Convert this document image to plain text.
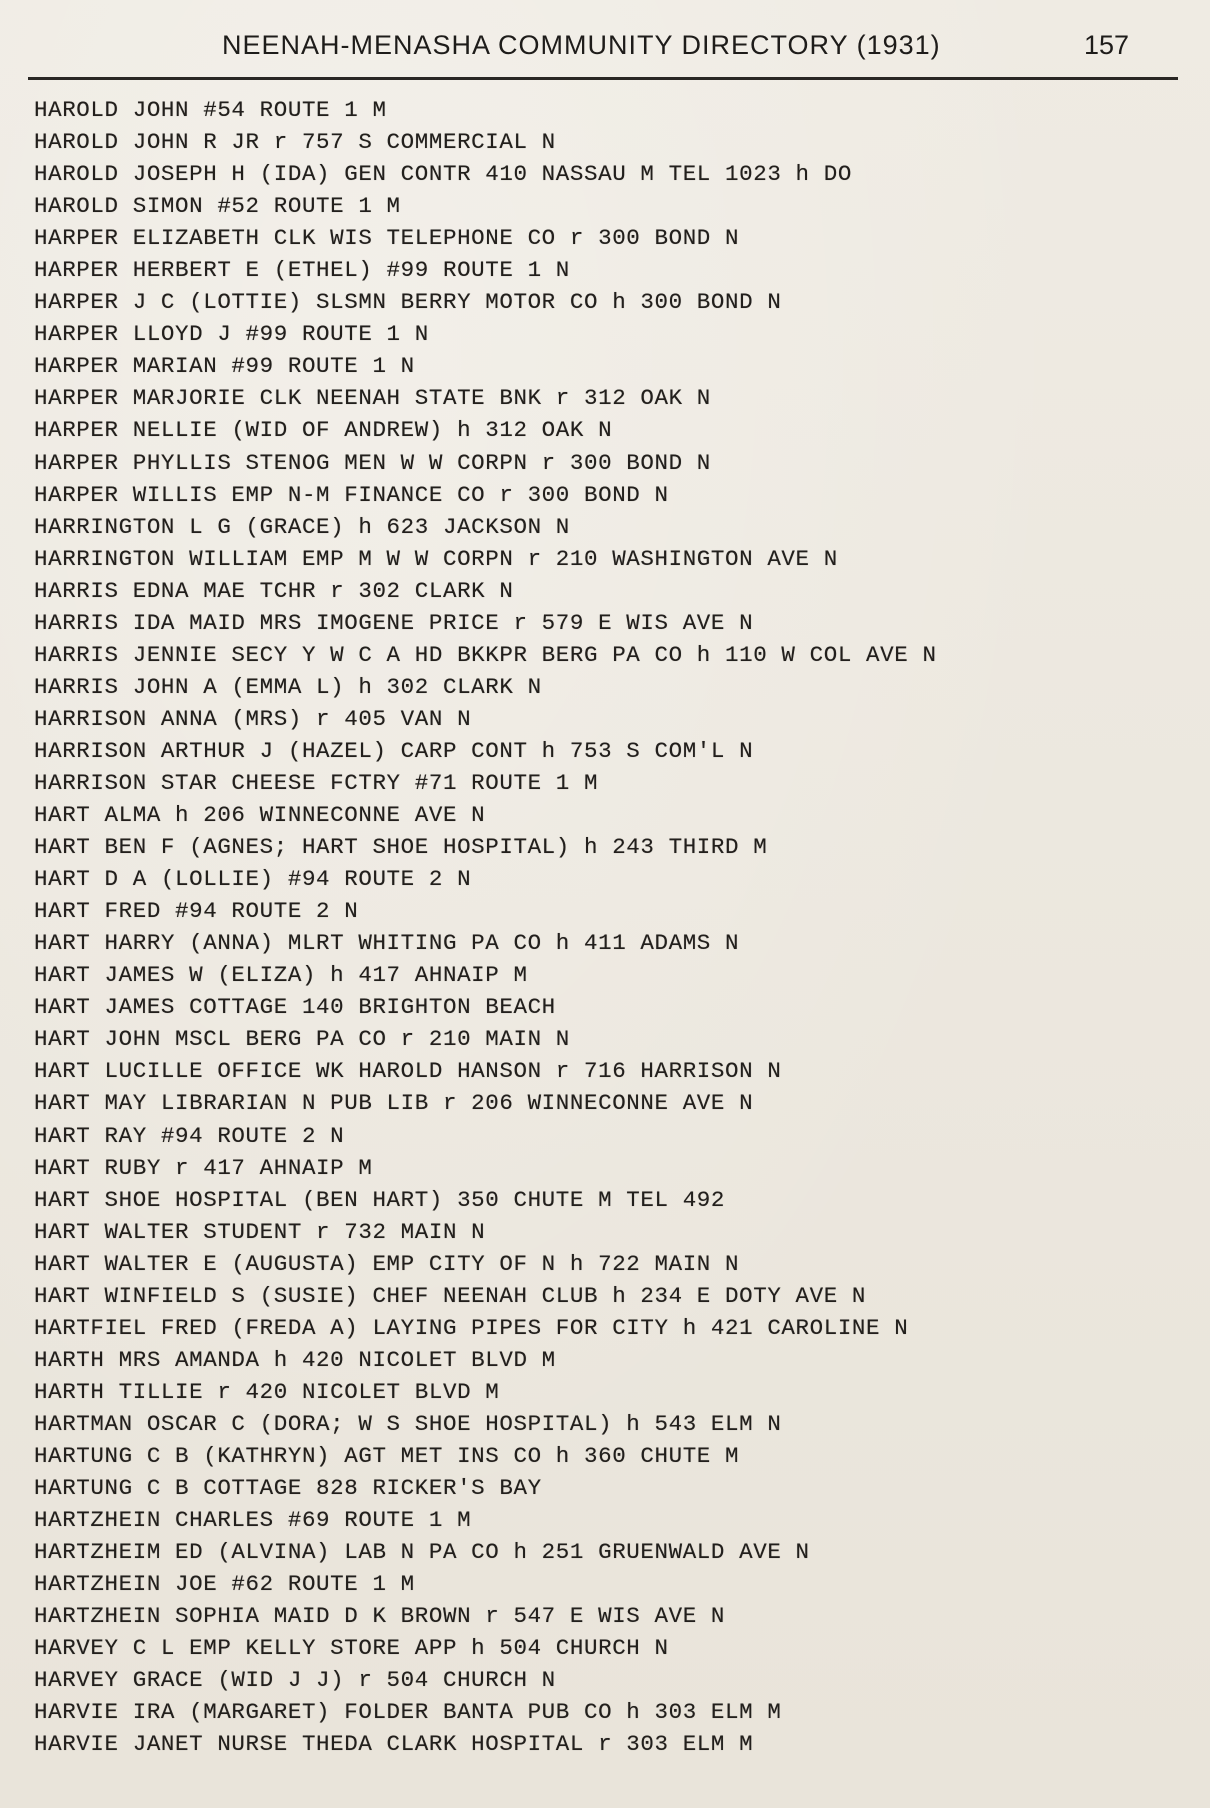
NEENAH-MENASHA COMMUNITY DIRECTORY (1931)	157
HAROLD JOHN #54 ROUTE 1 M
HAROLD JOHN R JR r 757 S COMMERCIAL N
HAROLD JOSEPH H (IDA) GEN CONTR 410 NASSAU M TEL 1023 h DO
HAROLD SIMON #52 ROUTE 1 M
HARPER ELIZABETH CLK WIS TELEPHONE CO r 300 BOND N
HARPER HERBERT E (ETHEL) #99 ROUTE 1 N
HARPER J C (LOTTIE) SLSMN BERRY MOTOR CO h 300 BOND N
HARPER LLOYD J #99 ROUTE 1 N
HARPER MARIAN #99 ROUTE 1 N
HARPER MARJORIE CLK NEENAH STATE BNK r 312 OAK N
HARPER NELLIE (WID OF ANDREW) h 312 OAK N
HARPER PHYLLIS STENOG MEN W W CORPN r 300 BOND N
HARPER WILLIS EMP N-M FINANCE CO r 300 BOND N
HARRINGTON L G (GRACE) h 623 JACKSON N
HARRINGTON WILLIAM EMP M W W CORPN r 210 WASHINGTON AVE N
HARRIS EDNA MAE TCHR r 302 CLARK N
HARRIS IDA MAID MRS IMOGENE PRICE r 579 E WIS AVE N
HARRIS JENNIE SECY Y W C A HD BKKPR BERG PA CO h 110 W COL AVE N
HARRIS JOHN A (EMMA L) h 302 CLARK N
HARRISON ANNA (MRS) r 405 VAN N
HARRISON ARTHUR J (HAZEL) CARP CONT h 753 S COM'L N
HARRISON STAR CHEESE FCTRY #71 ROUTE 1 M
HART ALMA h 206 WINNECONNE AVE N
HART BEN F (AGNES; HART SHOE HOSPITAL) h 243 THIRD M
HART D A (LOLLIE) #94 ROUTE 2 N
HART FRED #94 ROUTE 2 N
HART HARRY (ANNA) MLRT WHITING PA CO h 411 ADAMS N
HART JAMES W (ELIZA) h 417 AHNAIP M
HART JAMES COTTAGE 140 BRIGHTON BEACH
HART JOHN MSCL BERG PA CO r 210 MAIN N
HART LUCILLE OFFICE WK HAROLD HANSON r 716 HARRISON N
HART MAY LIBRARIAN N PUB LIB r 206 WINNECONNE AVE N
HART RAY #94 ROUTE 2 N
HART RUBY r 417 AHNAIP M
HART SHOE HOSPITAL (BEN HART) 350 CHUTE M TEL 492
HART WALTER STUDENT r 732 MAIN N
HART WALTER E (AUGUSTA) EMP CITY OF N h 722 MAIN N
HART WINFIELD S (SUSIE) CHEF NEENAH CLUB h 234 E DOTY AVE N
HARTFIEL FRED (FREDA A) LAYING PIPES FOR CITY h 421 CAROLINE N
HARTH MRS AMANDA h 420 NICOLET BLVD M
HARTH TILLIE r 420 NICOLET BLVD M
HARTMAN OSCAR C (DORA; W S SHOE HOSPITAL) h 543 ELM N
HARTUNG C B (KATHRYN) AGT MET INS CO h 360 CHUTE M
HARTUNG C B COTTAGE 828 RICKER'S BAY
HARTZHEIN CHARLES #69 ROUTE 1 M
HARTZHEIM ED (ALVINA) LAB N PA CO h 251 GRUENWALD AVE N
HARTZHEIN JOE #62 ROUTE 1 M
HARTZHEIN SOPHIA MAID D K BROWN r 547 E WIS AVE N
HARVEY C L EMP KELLY STORE APP h 504 CHURCH N
HARVEY GRACE (WID J J) r 504 CHURCH N
HARVIE IRA (MARGARET) FOLDER BANTA PUB CO h 303 ELM M
HARVIE JANET NURSE THEDA CLARK HOSPITAL r 303 ELM M
